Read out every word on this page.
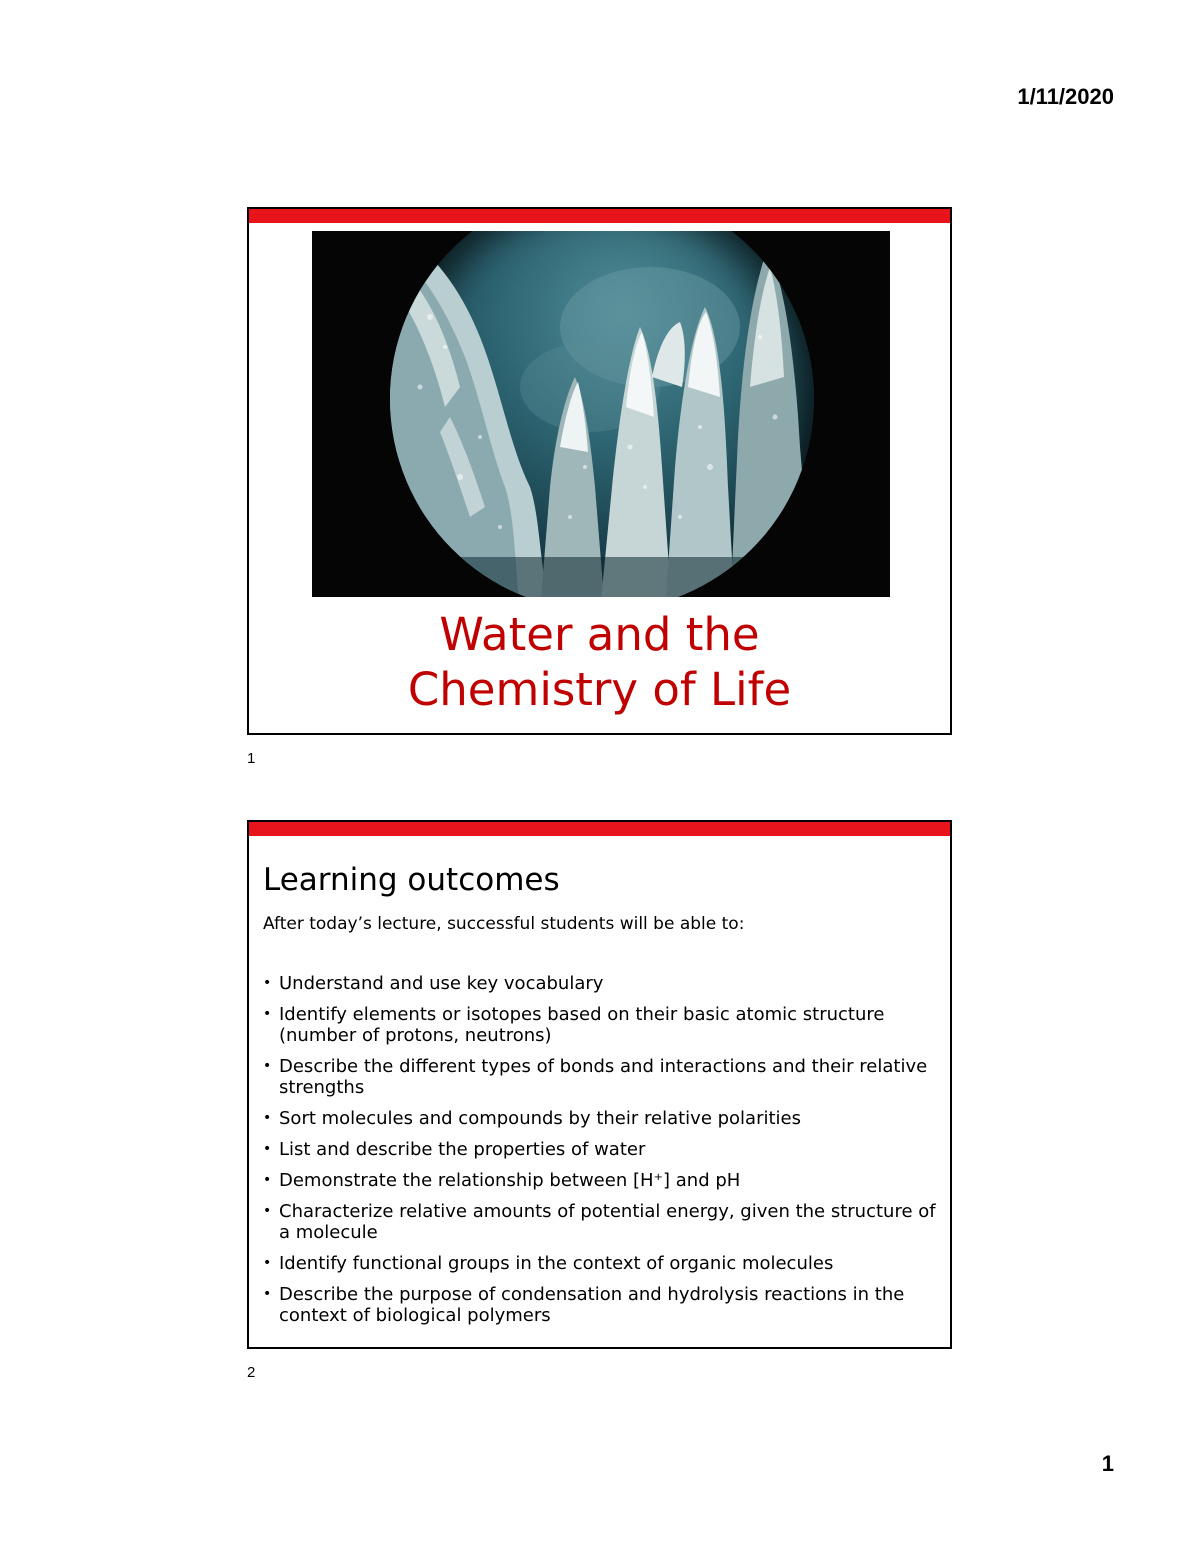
1/11/2020
Water and the
Chemistry of Life
1
Learning outcomes
After today’s lecture, successful students will be able to:
• Understand and use key vocabulary
• Identify elements or isotopes based on their basic atomic structure (number of protons, neutrons)
• Describe the different types of bonds and interactions and their relative strengths
• Sort molecules and compounds by their relative polarities
• List and describe the properties of water
• Demonstrate the relationship between [H⁺] and pH
• Characterize relative amounts of potential energy, given the structure of a molecule
• Identify functional groups in the context of organic molecules
• Describe the purpose of condensation and hydrolysis reactions in the context of biological polymers
2
1
